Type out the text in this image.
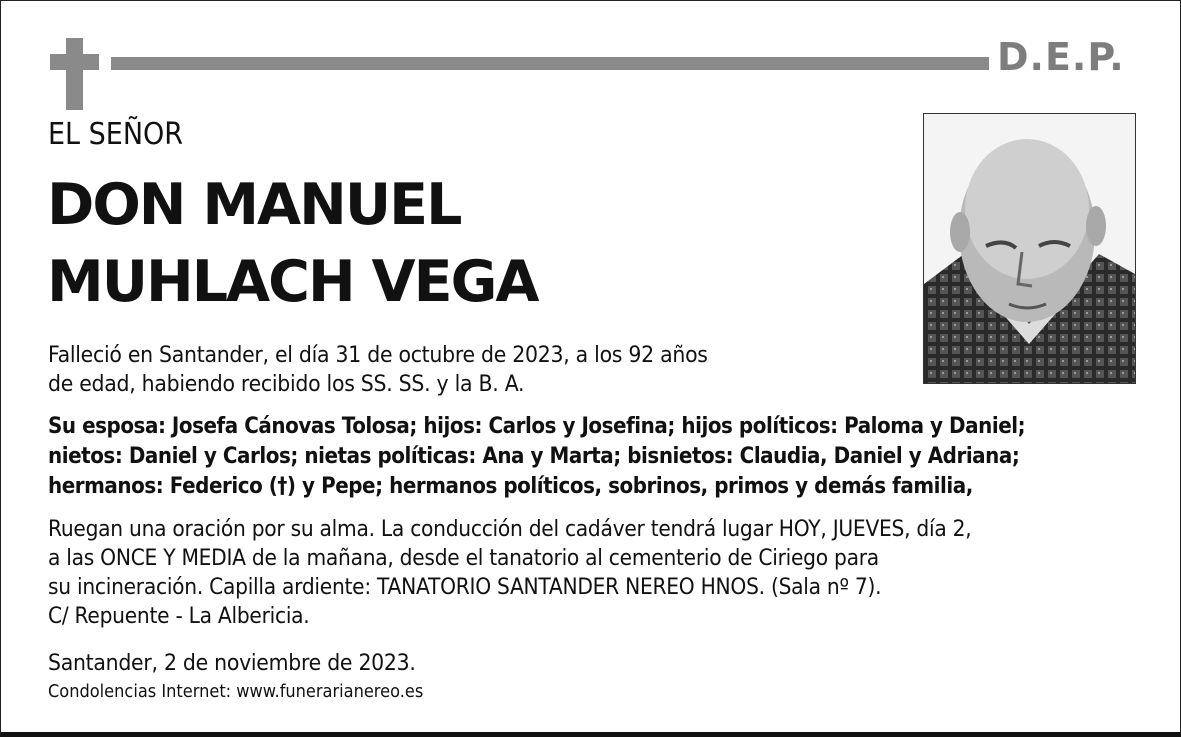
D.E.P.
EL SEÑOR
DON MANUEL
MUHLACH VEGA
Falleció en Santander, el día 31 de octubre de 2023, a los 92 años
de edad, habiendo recibido los SS. SS. y la B. A.
Su esposa: Josefa Cánovas Tolosa; hijos: Carlos y Josefina; hijos políticos: Paloma y Daniel;
nietos: Daniel y Carlos; nietas políticas: Ana y Marta; bisnietos: Claudia, Daniel y Adriana;
hermanos: Federico (†) y Pepe; hermanos políticos, sobrinos, primos y demás familia,
Ruegan una oración por su alma. La conducción del cadáver tendrá lugar HOY, JUEVES, día 2,
a las ONCE Y MEDIA de la mañana, desde el tanatorio al cementerio de Ciriego para
su incineración. Capilla ardiente: TANATORIO SANTANDER NEREO HNOS. (Sala nº 7).
C/ Repuente - La Albericia.
Santander, 2 de noviembre de 2023.
Condolencias Internet: www.funerarianereo.es
